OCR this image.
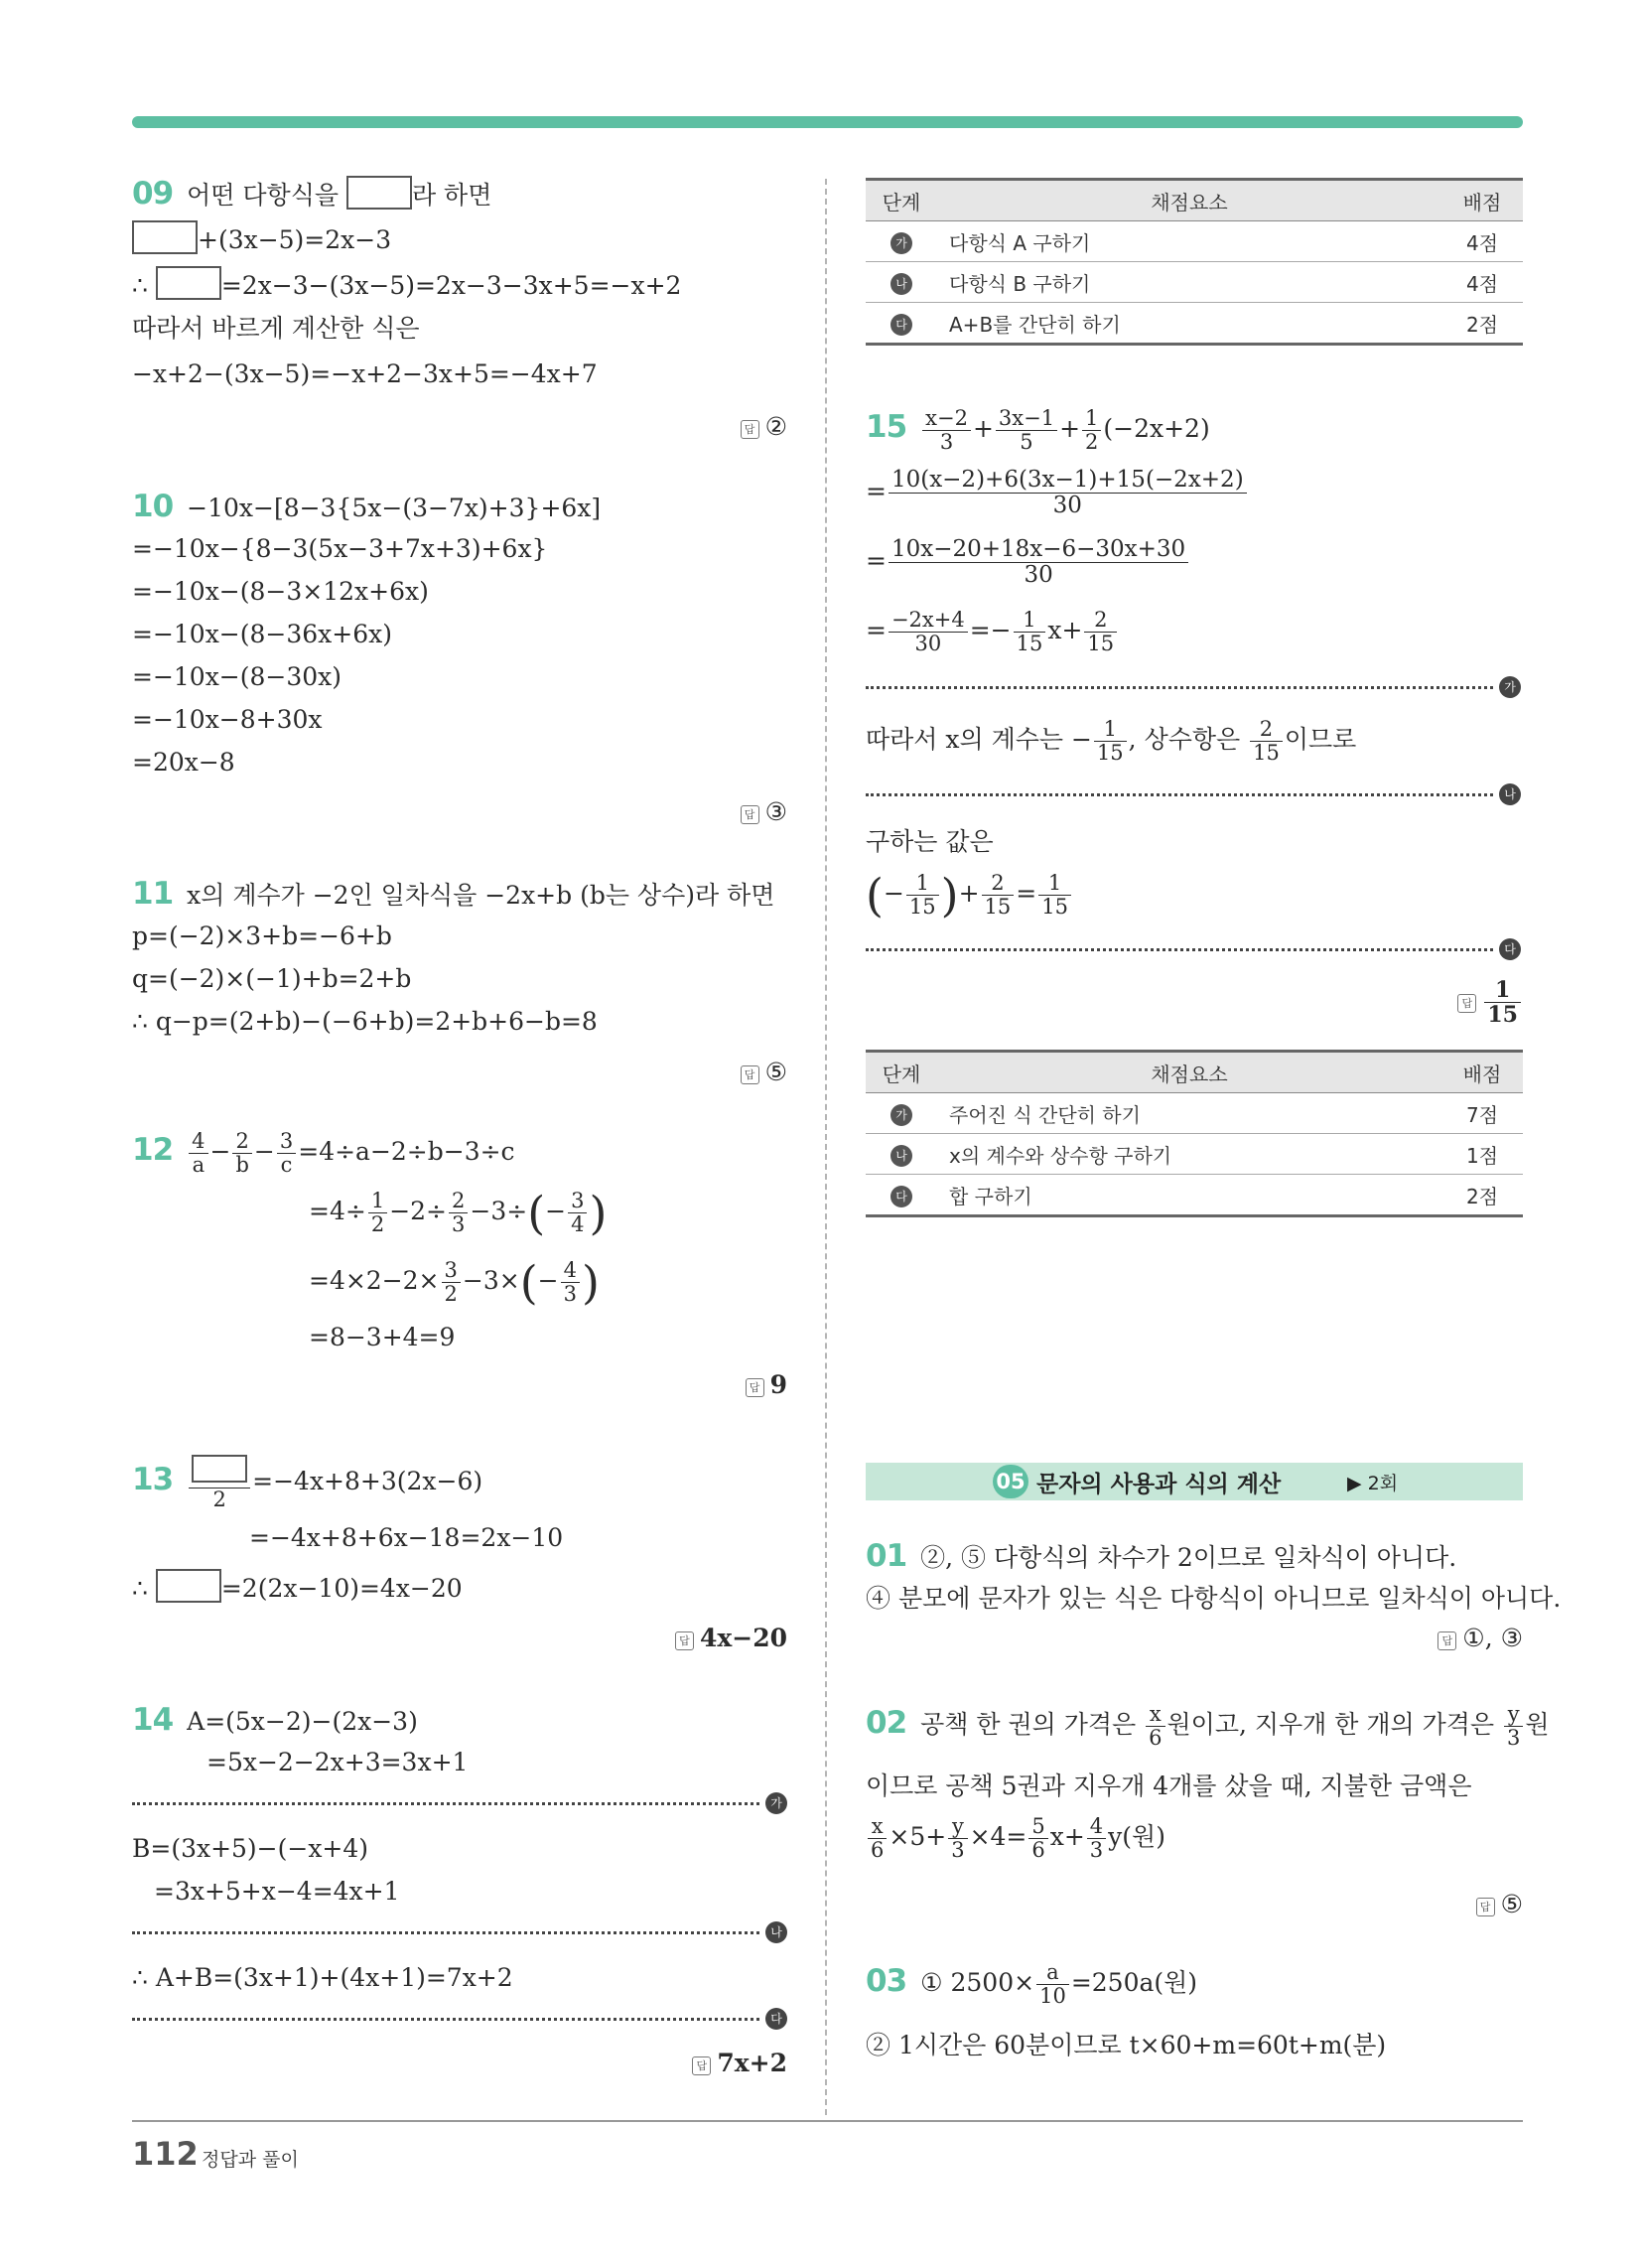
09 어떤 다항식을	라 하면
+(3x−5)=2x−3
∴	=2x−3−(3x−5)=2x−3−3x+5=−x+2
따라서 바르게 계산한 식은
−x+2−(3x−5)=−x+2−3x+5=−4x+7
답 ②
10 −10x−[8−3{5x−(3−7x)+3}+6x]
=−10x−{8−3(5x−3+7x+3)+6x}
=−10x−(8−3×12x+6x)
=−10x−(8−36x+6x)
=−10x−(8−30x)
=−10x−8+30x
=20x−8
답 ③
11 x의 계수가 −2인 일차식을 −2x+b (b는 상수)라 하면
p=(−2)×3+b=−6+b
q=(−2)×(−1)+b=2+b
∴ q−p=(2+b)−(−6+b)=2+b+6−b=8
답 ⑤
$12 \frac{4}{a} - \frac{2}{b} - \frac{3}{c} =4\div a-2\div b-3\div c$
$=4\div \frac{1}{2} -2\div \frac{2}{3} -3\div(- \frac{3}{4}$ )
$=4\times 2-2\times \frac{3}{2} -3\times(- \frac{4}{3}$ )
=8−3+4=9
답 9
13
2
=−4x+8+3(2x−6)
=−4x+8+6x−18=2x−10
∴	=2(2x−10)=4x−20
답 4x−20
14 A=(5x−2)−(2x−3)
=5x−2−2x+3=3x+1
가
B=(3x+5)−(−x+4)
=3x+5+x−4=4x+1
나
∴ A+B=(3x+1)+(4x+1)=7x+2
다
답 7x+2
단계	채점요소	배점
가	다항식 A 구하기	4점
나	다항식 B 구하기	4점
다	A+B를 간단히 하기	2점
$15 \frac{x-2}{3} + \frac{3x-1}{5} + \frac{1}{2} (-2x+2)$
= $\frac{10(x-2)+6(3x-1)+15(-2x+2)}{30}$
= $\frac{10x-20+18x-6-30x+30}{30}$
= $\frac{-2x+4}{30} =- \frac{1}{15} x+ \frac{2}{15}$
가
따라서 x의 계수는 − $\frac{1}{15}$ , 상수항은 $\frac{2}{15}$ 이므로
나
구하는 값은
(− $\frac{1}{15}$ )+ $\frac{2}{15} = \frac{1}{15}$
다
답 $\frac{1}{15}$
단계	채점요소	배점
가	주어진 식 간단히 하기	7점
나	x의 계수와 상수항 구하기	1점
다	합 구하기	2점
05 문자의 사용과 식의 계산	▶ 2회
01 ②, ⑤ 다항식의 차수가 2이므로 일차식이 아니다.
④ 분모에 문자가 있는 식은 다항식이 아니므로 일차식이 아니다.
답 ①, ③
02 공책 한 권의 가격은 $\frac{x}{6}$ 원이고, 지우개 한 개의 가격은 $\frac{y}{3}$ 원
이므로 공책 5권과 지우개 4개를 샀을 때, 지불한 금액은
$\frac{x}{6} \times 5+ \frac{y}{3} \times 4= \frac{5}{6} x+ \frac{4}{3} y$(원)
답 ⑤
03 ① $2500\times \frac{a}{10} =250a$(원)
② 1시간은 60분이므로 t×60+m=60t+m(분)
112 정답과 풀이
